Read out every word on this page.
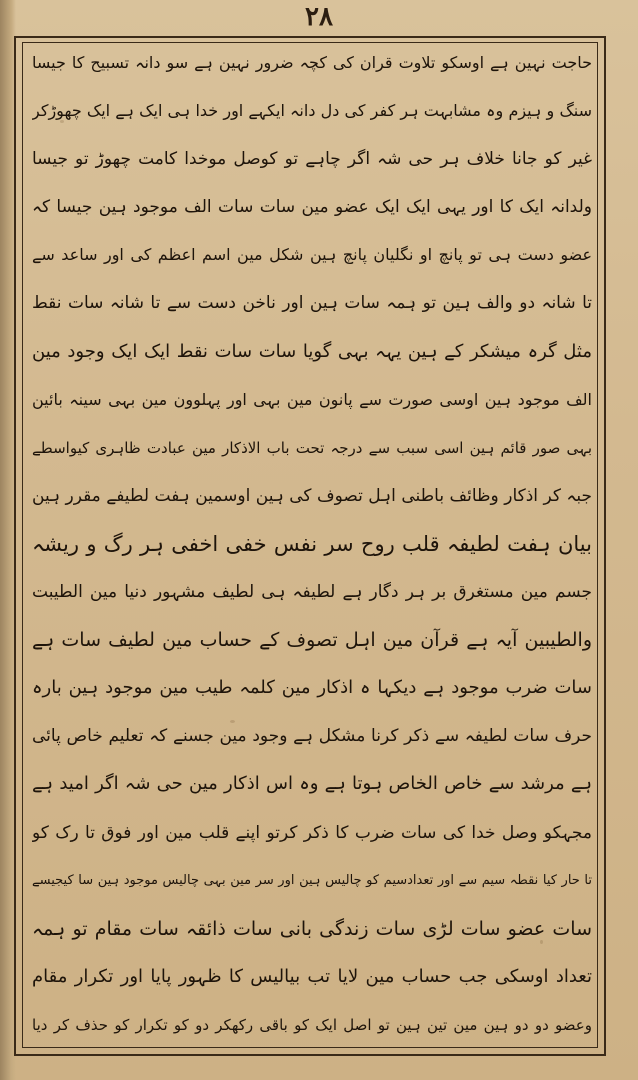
۲۸
حاجت نہین ہے اوسکو تلاوت قران کی کچہ ضرور نہین ہے سو دانہ تسبیح کا جیسا
سنگ و ہیزم وہ مشابہت ہر کفر کی دل دانہ ایکہے اور خدا ہی ایک ہے ایک چھوڑکر
غیر کو جانا خلاف ہر حی شہ اگر چاہے تو کوصل موخدا کامت چھوڑ تو جیسا
ولدانہ ایک کا اور یہی ایک ایک عضو مین سات سات الف موجود ہین جیسا کہ
عضو دست ہی تو پانچ او نگلیان پانچ ہین شکل مین اسم اعظم کی اور ساعد سے
تا شانہ دو والف ہین تو ہمہ سات ہین اور ناخن دست سے تا شانہ سات نقط
مثل گرہ میشکر کے ہین یہہ بہی گویا سات سات نقط ایک ایک وجود مین
الف موجود ہین اوسی صورت سے پانون مین بہی اور پہلوون مین بہی سینہ بائین
بہی صور قائم ہین اسی سبب سے درجہ تحت باب الاذکار مین عبادت ظاہری کیواسطے
جبہ کر اذکار وظائف باطنی اہل تصوف کی ہین اوسمین ہفت لطیفے مقرر ہین
بیان ہفت لطیفہ قلب روح سر نفس خفی اخفی ہر رگ و ریشہ
جسم مین مستغرق بر ہر دگار ہے لطیفہ ہی لطیف مشہور دنیا مین الطیبت
والطیبین آیہ ہے قرآن مین اہل تصوف کے حساب مین لطیف سات ہے
سات ضرب موجود ہے دیکہا ہ اذکار مین کلمہ طیب مین موجود ہین بارہ
حرف سات لطیفہ سے ذکر کرنا مشکل ہے وجود مین جسنے کہ تعلیم خاص پائی
ہے مرشد سے خاص الخاص ہوتا ہے وہ اس اذکار مین حی شہ اگر امید ہے
مجہکو وصل خدا کی سات ضرب کا ذکر کرتو اپنے قلب مین اور فوق تا رک کو
تا حار کیا نقطہ سیم سے اور تعدادسیم کو چالیس ہین اور سر مین بہی چالیس موجود ہین سا کیجیسے
سات عضو سات لڑی سات زندگی بانی سات ذائقہ سات مقام تو ہمہ
تعداد اوسکی جب حساب مین لایا تب بیالیس کا ظہور پایا اور تکرار مقام
وعضو دو دو ہین مین تین ہین تو اصل ایک کو باقی رکھکر دو کو تکرار کو حذف کر دیا
